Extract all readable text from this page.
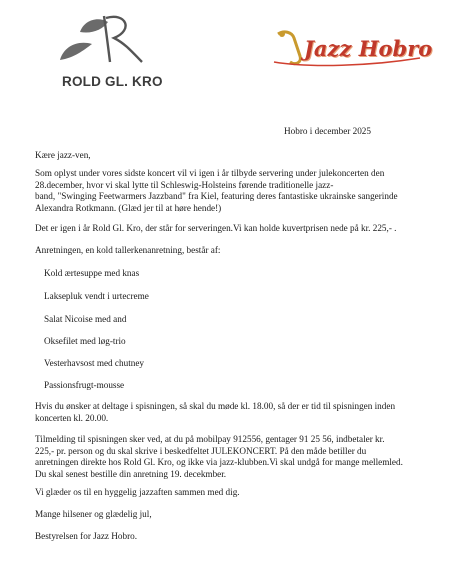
ROLD GL. KRO
Jazz Hobro
Hobro i december 2025
Kære jazz-ven,
Som oplyst under vores sidste koncert vil vi igen i år tilbyde servering under julekoncerten den
28.december, hvor vi skal lytte til Schleswig-Holsteins førende traditionelle jazz-
band, "Swinging Feetwarmers Jazzband" fra Kiel, featuring deres fantastiske ukrainske sangerinde
Alexandra Rotkmann. (Glæd jer til at høre hende!)
Det er igen i år Rold Gl. Kro, der står for serveringen.Vi kan holde kuvertprisen nede på kr. 225,- .
Anretningen, en kold tallerkenanretning, består af:
Kold ærtesuppe med knas
Laksepluk vendt i urtecreme
Salat Nicoise med and
Oksefilet med løg-trio
Vesterhavsost med chutney
Passionsfrugt-mousse
Hvis du ønsker at deltage i spisningen, så skal du møde kl. 18.00, så der er tid til spisningen inden
koncerten kl. 20.00.
Tilmelding til spisningen sker ved, at du på mobilpay 912556, gentager 91 25 56, indbetaler kr.
225,- pr. person og du skal skrive i beskedfeltet JULEKONCERT. På den måde betiller du
anretningen direkte hos Rold Gl. Kro, og ikke via jazz-klubben.Vi skal undgå for mange mellemled.
Du skal senest bestille din anretning 19. decekmber.
Vi glæder os til en hyggelig jazzaften sammen med dig.
Mange hilsener og glædelig jul,
Bestyrelsen for Jazz Hobro.
